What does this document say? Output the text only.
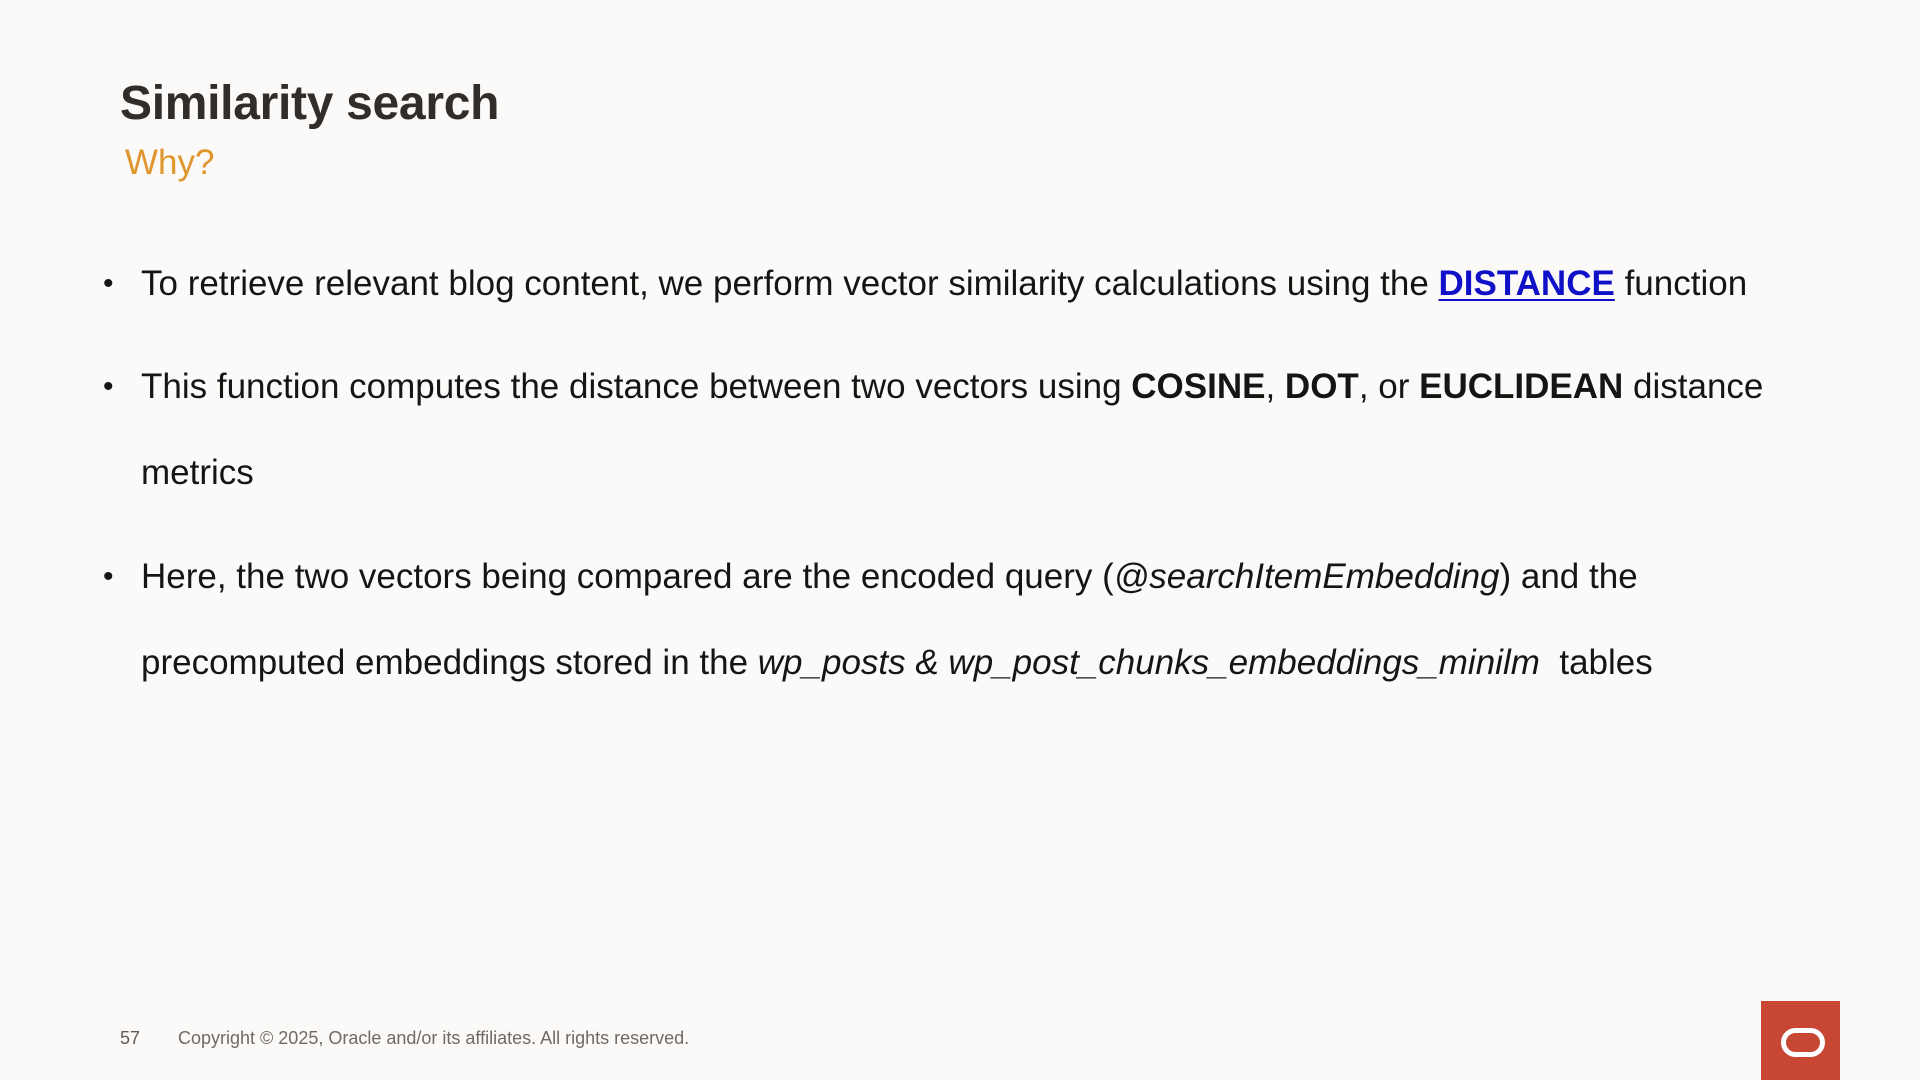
Similarity search
Why?
• To retrieve relevant blog content, we perform vector similarity calculations using the DISTANCE function
• This function computes the distance between two vectors using COSINE, DOT, or EUCLIDEAN distance metrics
• Here, the two vectors being compared are the encoded query (@searchItemEmbedding) and the precomputed embeddings stored in the wp_posts & wp_post_chunks_embeddings_minilm  tables
57 Copyright © 2025, Oracle and/or its affiliates. All rights reserved.
